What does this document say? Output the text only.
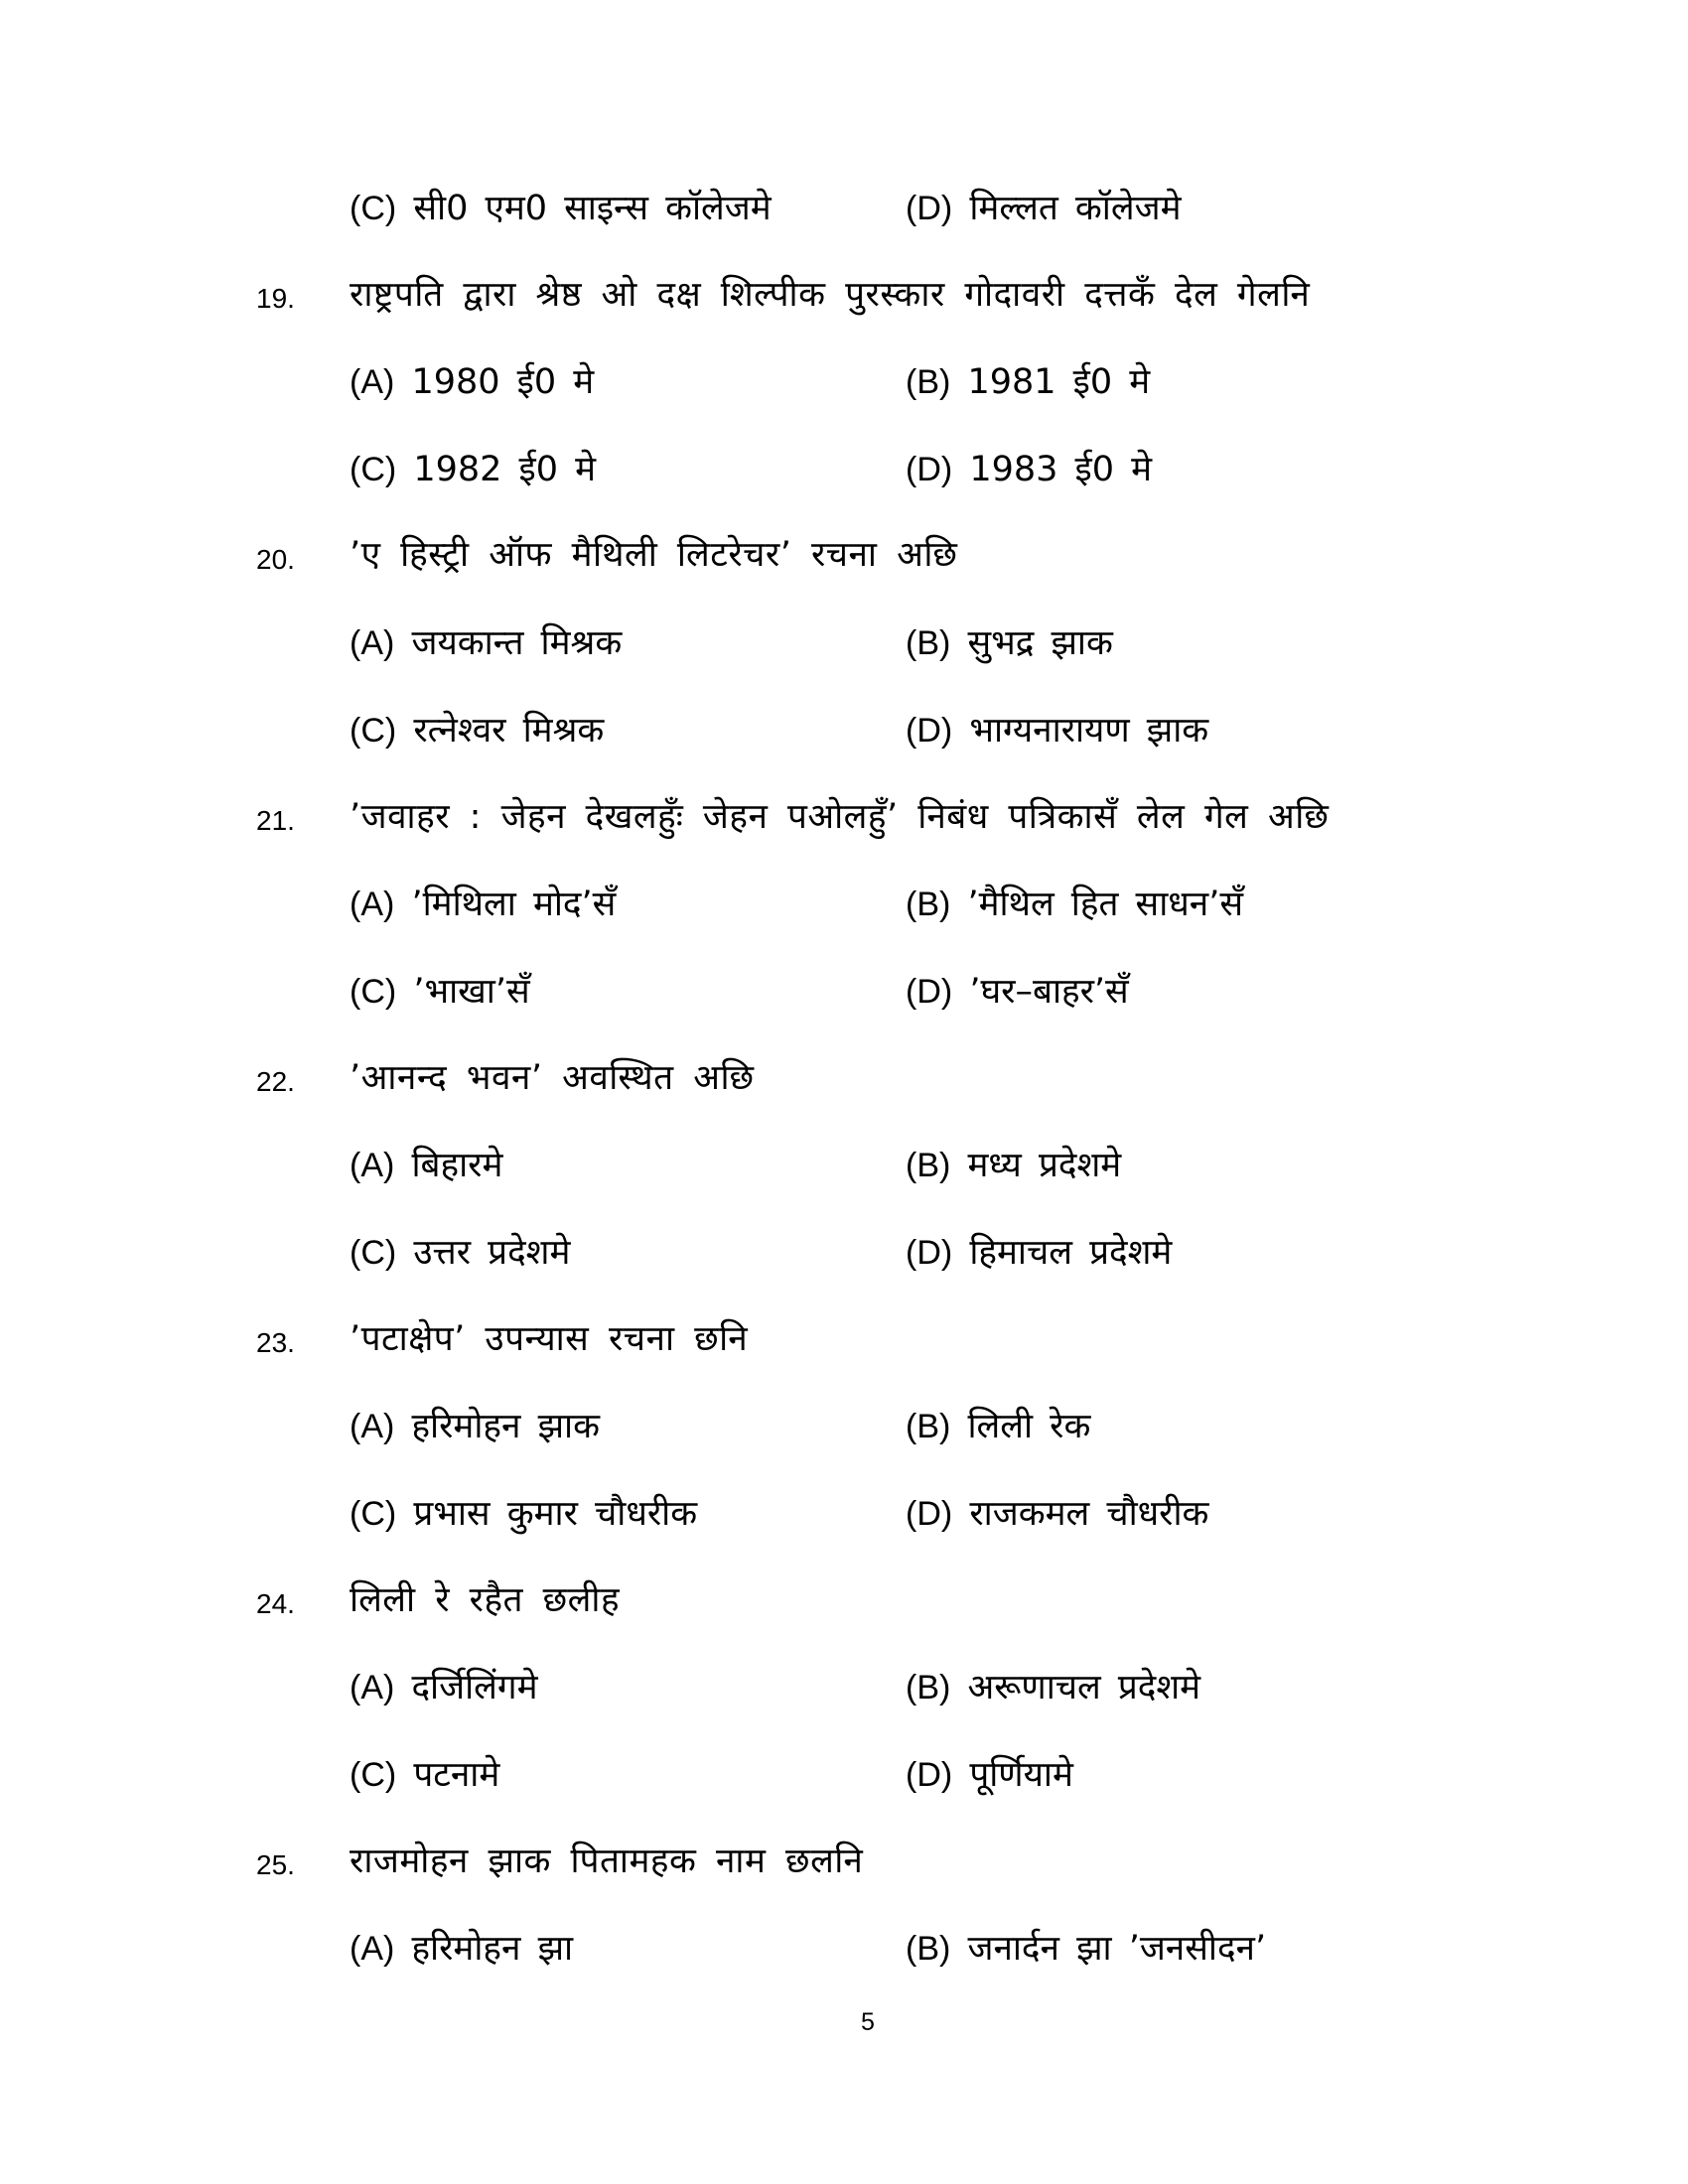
(C) सी0 एम0 साइन्स कॉलेजमे	(D) मिल्लत कॉलेजमे
19. राष्ट्रपति द्वारा श्रेष्ठ ओ दक्ष शिल्पीक पुरस्कार गोदावरी दत्तकँ देल गेलनि
(A) 1980 ई0 मे	(B) 1981 ई0 मे
(C) 1982 ई0 मे	(D) 1983 ई0 मे
20. ’ए हिस्ट्री ऑफ मैथिली लिटरेचर’ रचना अछि
(A) जयकान्त मिश्रक	(B) सुभद्र झाक
(C) रत्नेश्वर मिश्रक	(D) भाग्यनारायण झाक
21. ’जवाहर : जेहन देखलहुँः जेहन पओलहुँ’ निबंध पत्रिकासँ लेल गेल अछि
(A) ’मिथिला मोद’सँ	(B) ’मैथिल हित साधन’सँ
(C) ’भाखा’सँ	(D) ’घर–बाहर’सँ
22. ’आनन्द भवन’ अवस्थित अछि
(A) बिहारमे	(B) मध्य प्रदेशमे
(C) उत्तर प्रदेशमे	(D) हिमाचल प्रदेशमे
23. ’पटाक्षेप’ उपन्यास रचना छनि
(A) हरिमोहन झाक	(B) लिली रेक
(C) प्रभास कुमार चौधरीक	(D) राजकमल चौधरीक
24. लिली रे रहैत छलीह
(A) दर्जिलिंगमे	(B) अरूणाचल प्रदेशमे
(C) पटनामे	(D) पूर्णियामे
25. राजमोहन झाक पितामहक नाम छलनि
(A) हरिमोहन झा	(B) जनार्दन झा ’जनसीदन’
5
